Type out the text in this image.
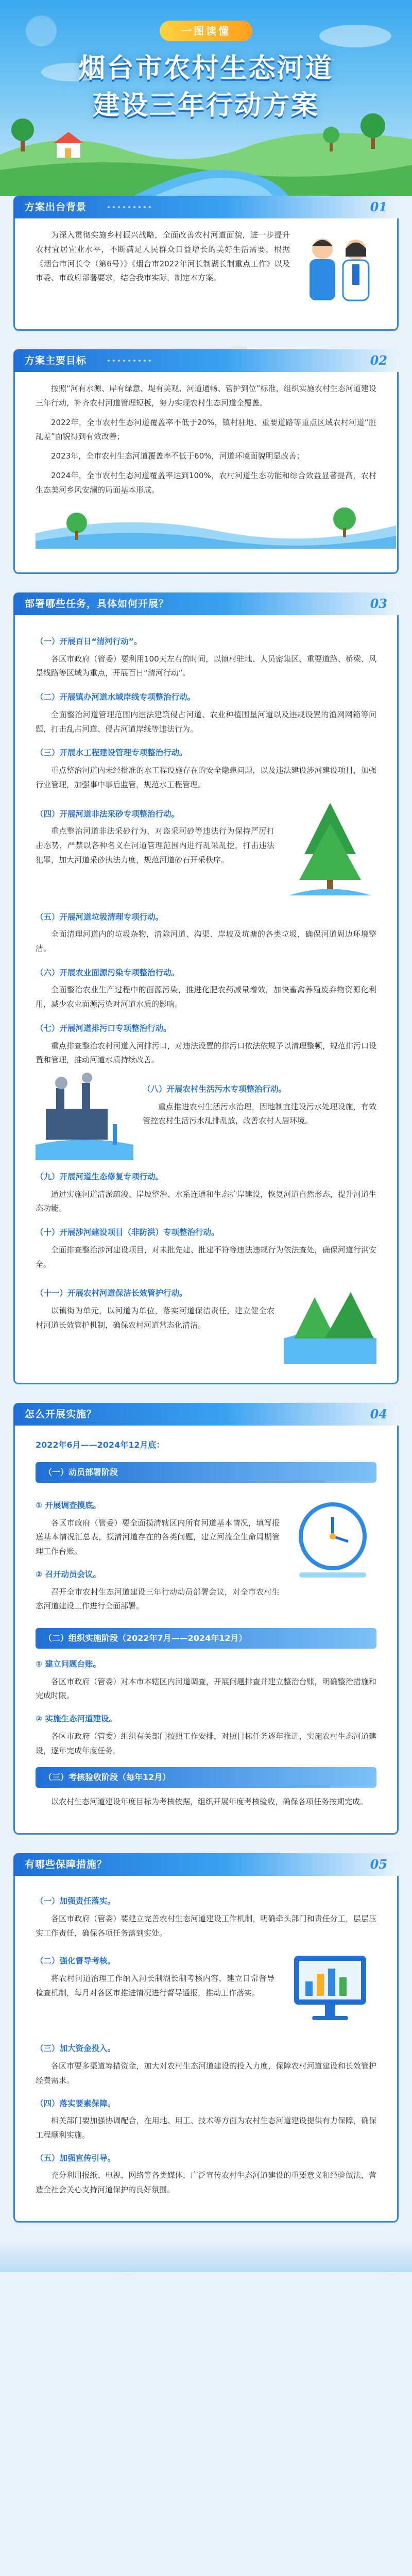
一图读懂
烟台市农村生态河道
建设三年行动方案
方案出台背景	01

为深入贯彻实施乡村振兴战略，全面改善农村河道面貌，进一步提升农村宜居宜业水平，不断满足人民群众日益增长的美好生活需要，根据《烟台市河长令（第6号）》《烟台市2022年河长制湖长制重点工作》以及市委、市政府部署要求，结合我市实际，制定本方案。

方案主要目标	02

按照“河有水源、岸有绿意、堤有美观、河道通畅、管护到位”标准，组织实施农村生态河道建设三年行动，补齐农村河道管理短板，努力实现农村生态河道全覆盖。

2022年，全市农村生态河道覆盖率不低于20%，镇村驻地、重要道路等重点区域农村河道“脏乱差”面貌得到有效改善；

2023年，全市农村生态河道覆盖率不低于60%，河道环境面貌明显改善；

2024年，全市农村生态河道覆盖率达到100%，农村河道生态功能和综合效益显著提高，农村生态美河乡风安澜的局面基本形成。

部署哪些任务，具体如何开展？	03
（一）开展百日“清河行动”。

各区市政府（管委）要利用100天左右的时间，以镇村驻地、人员密集区、重要道路、桥梁、风景线路等区域为重点，开展百日“清河行动”。

（二）开展镇办河道水域岸线专项整治行动。

全面整治河道管理范围内违法建筑侵占河道、农业种植围垦河道以及违规设置的渔网网箱等问题，打击乱占河道、侵占河道岸线等违法行为。

（三）开展水工程建设管理专项整治行动。

重点整治河道内未经批准的水工程设施存在的安全隐患问题，以及违法建设涉河建设项目，加强行业管理，加强事中事后监管，规范水工程管理。

（四）开展河道非法采砂专项整治行动。

重点整治河道非法采砂行为，对盗采河砂等违法行为保持严厉打击态势，严禁以各种名义在河道管理范围内进行乱采乱挖，打击违法犯罪，加大河道采砂执法力度，规范河道砂石开采秩序。

（五）开展河道垃圾清理专项行动。

全面清理河道内的垃圾杂物，清除河道、沟渠、岸坡及坑塘的各类垃圾，确保河道周边环境整洁。

（六）开展农业面源污染专项整治行动。

全面整治农业生产过程中的面源污染，推进化肥农药减量增效，加快畜禽养殖废弃物资源化利用，减少农业面源污染对河道水质的影响。

（七）开展河道排污口专项整治行动。

重点排查整治农村河道入河排污口，对违法设置的排污口依法依规予以清理整顿，规范排污口设置和管理，推动河道水质持续改善。

（八）开展农村生活污水专项整治行动。

重点推进农村生活污水治理，因地制宜建设污水处理设施，有效管控农村生活污水乱排乱放，改善农村人居环境。

（九）开展河道生态修复专项行动。

通过实施河道清淤疏浚、岸坡整治、水系连通和生态护岸建设，恢复河道自然形态，提升河道生态功能。

（十）开展涉河建设项目（非防洪）专项整治行动。

全面排查整治涉河建设项目，对未批先建、批建不符等违法违规行为依法查处，确保河道行洪安全。

（十一）开展农村河道保洁长效管护行动。

以镇街为单元，以河道为单位，落实河道保洁责任，建立健全农村河道长效管护机制，确保农村河道常态化清洁。

怎么开展实施？	04
2022年6月——2024年12月底：
（一）动员部署阶段
① 开展调查摸底。

各区市政府（管委）要全面摸清辖区内所有河道基本情况，填写报送基本情况汇总表，摸清河道存在的各类问题，建立河流全生命周期管理工作台账。

② 召开动员会议。

召开全市农村生态河道建设三年行动动员部署会议，对全市农村生态河道建设工作进行全面部署。

（二）组织实施阶段（2022年7月——2024年12月）
① 建立问题台账。

各区市政府（管委）对本市本辖区内河道调查，开展问题排查并建立整治台账，明确整治措施和完成时限。

② 实施生态河道建设。

各区市政府（管委）组织有关部门按照工作安排，对照目标任务逐年推进，实施农村生态河道建设，逐年完成年度任务。

（三）考核验收阶段（每年12月）

以农村生态河道建设年度目标为考核依据，组织开展年度考核验收，确保各项任务按期完成。

有哪些保障措施？	05
（一）加强责任落实。

各区市政府（管委）要建立完善农村生态河道建设工作机制，明确牵头部门和责任分工，层层压实工作责任，确保各项任务落到实处。

（二）强化督导考核。

将农村河道治理工作纳入河长制湖长制考核内容，建立日常督导检查机制，每月对各区市推进情况进行督导通报，推动工作落实。

（三）加大资金投入。

各区市要多渠道筹措资金，加大对农村生态河道建设的投入力度，保障农村河道建设和长效管护经费需求。

（四）落实要素保障。

相关部门要加强协调配合，在用地、用工、技术等方面为农村生态河道建设提供有力保障，确保工程顺利实施。

（五）加强宣传引导。

充分利用报纸、电视、网络等各类媒体，广泛宣传农村生态河道建设的重要意义和经验做法，营造全社会关心支持河道保护的良好氛围。
